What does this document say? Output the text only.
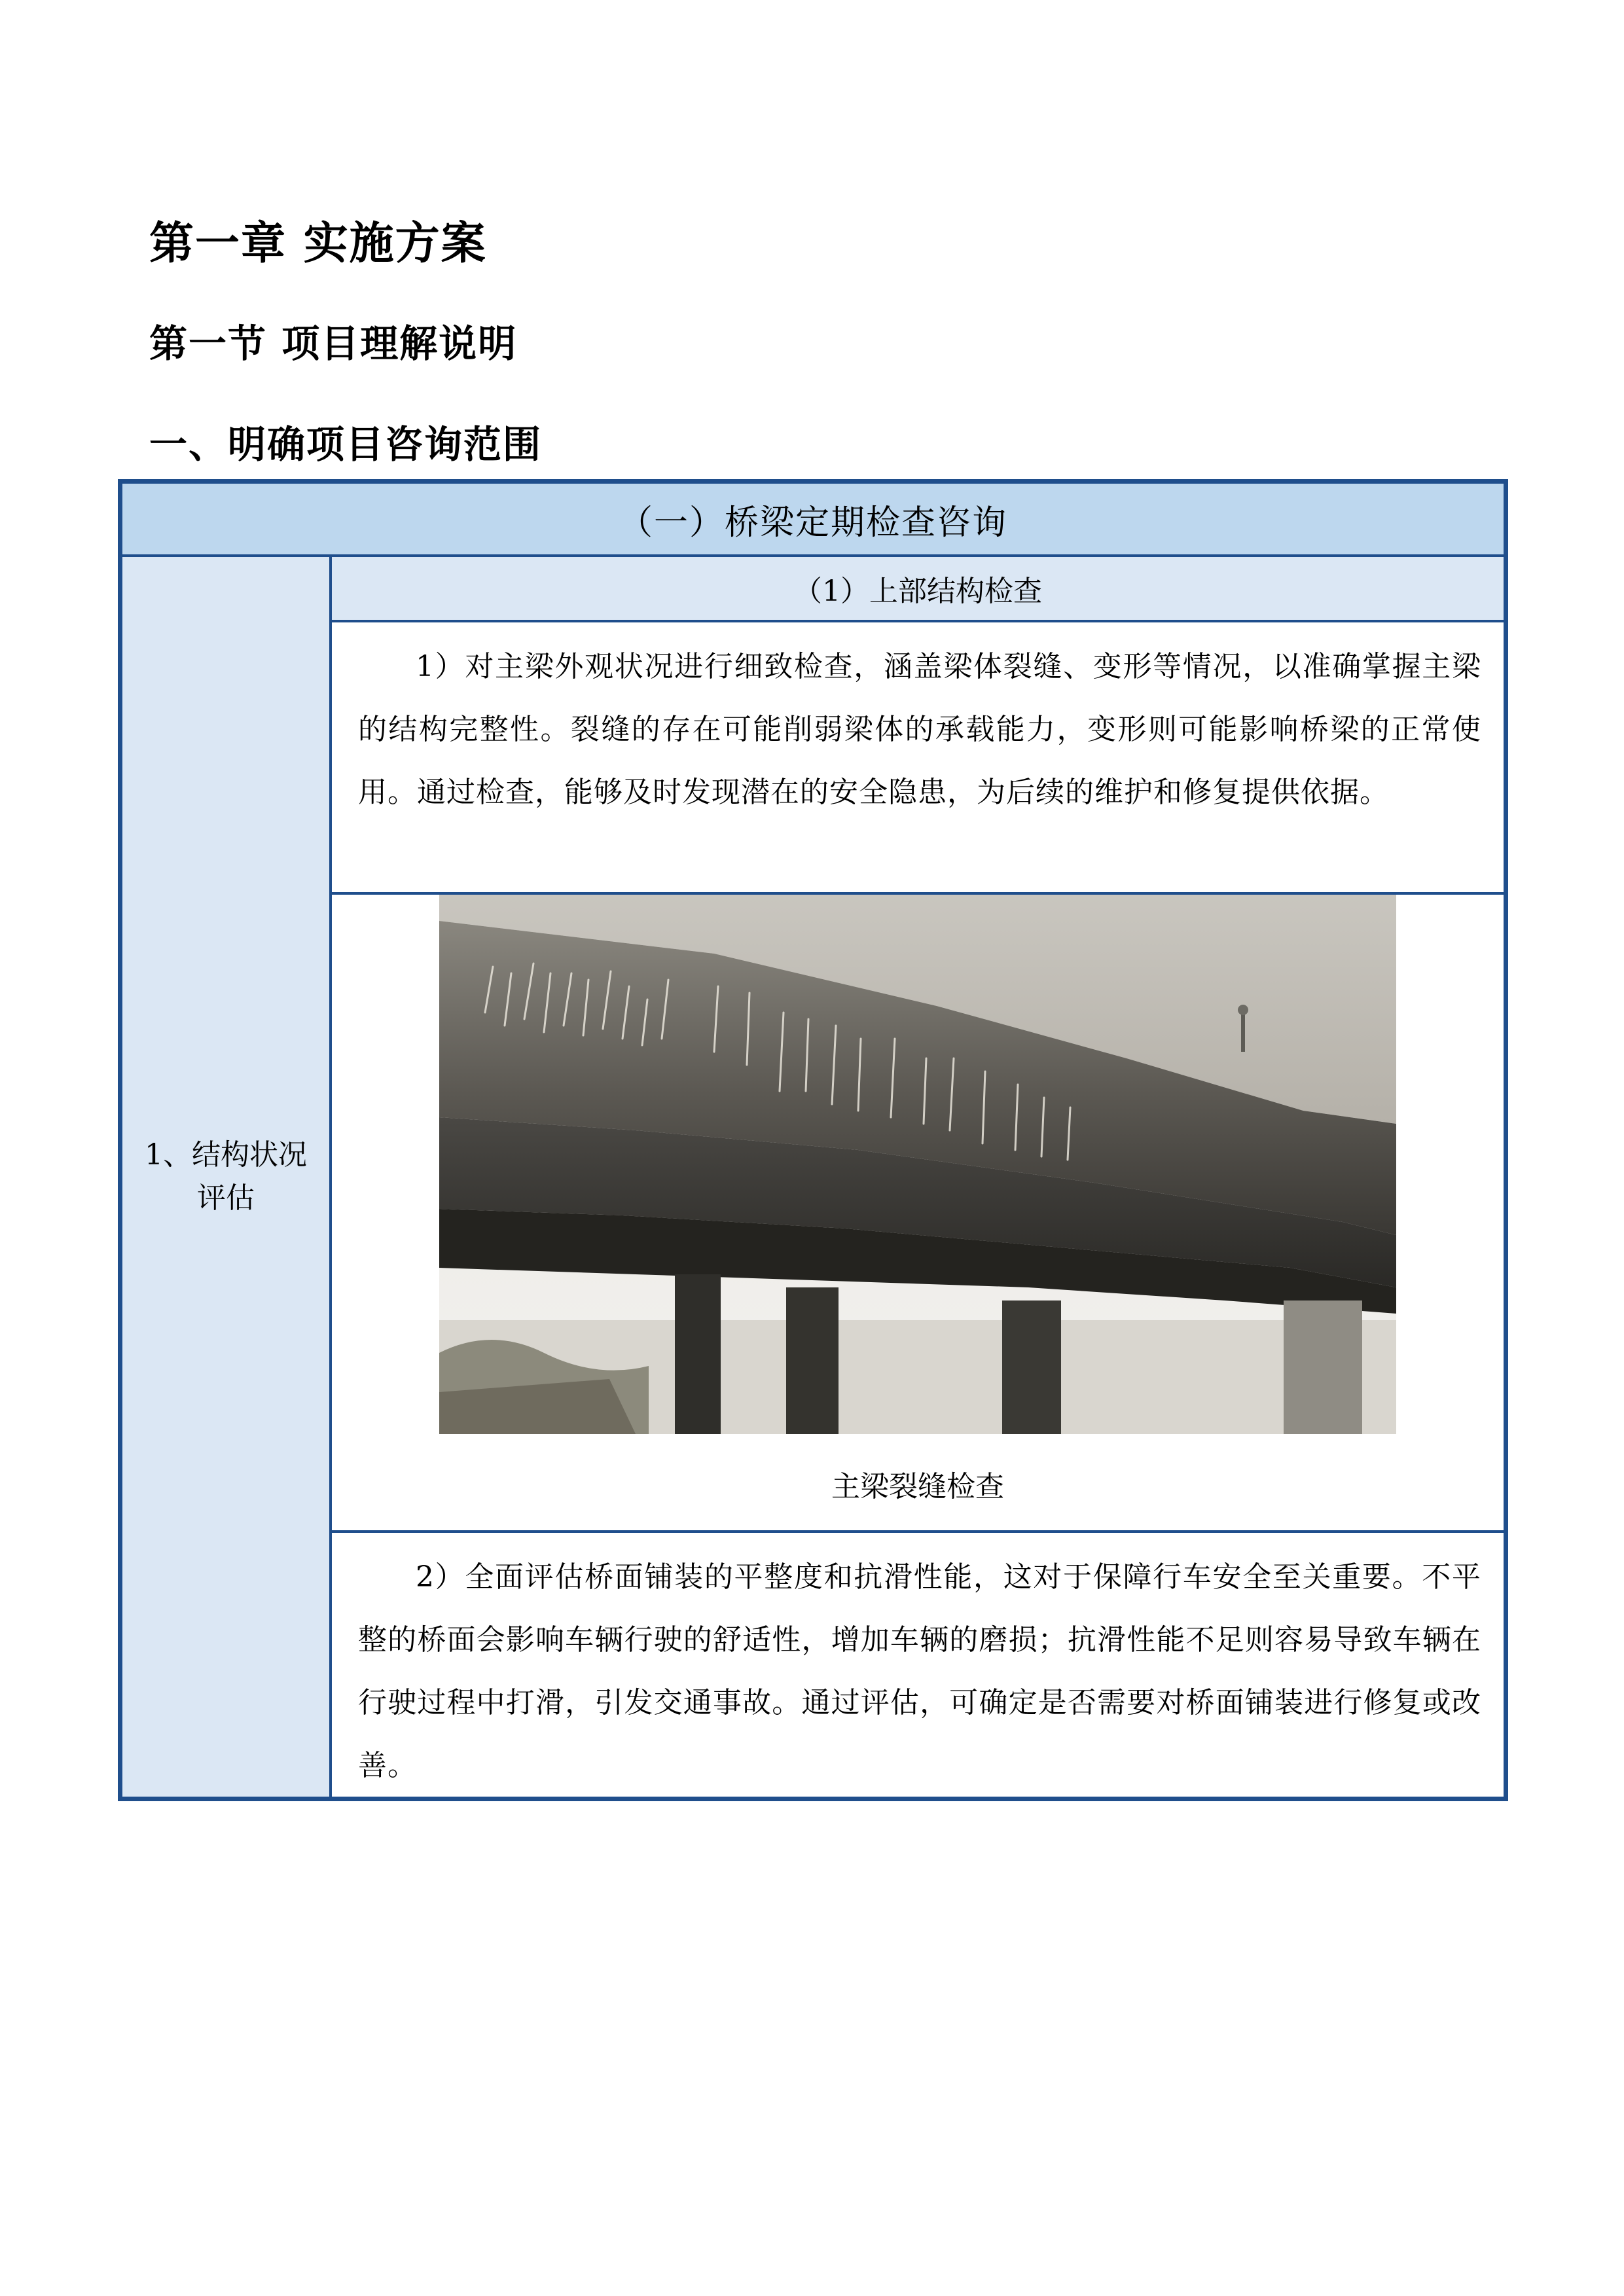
第一章 实施方案
第一节 项目理解说明
一、明确项目咨询范围
（一）桥梁定期检查咨询
1、结构状况评估
（1）上部结构检查

1）对主梁外观状况进行细致检查，涵盖梁体裂缝、变形等情况，以准确掌握主梁的结构完整性。裂缝的存在可能削弱梁体的承载能力，变形则可能影响桥梁的正常使用。通过检查，能够及时发现潜在的安全隐患，为后续的维护和修复提供依据。

主梁裂缝检查

2）全面评估桥面铺装的平整度和抗滑性能，这对于保障行车安全至关重要。不平整的桥面会影响车辆行驶的舒适性，增加车辆的磨损；抗滑性能不足则容易导致车辆在行驶过程中打滑，引发交通事故。通过评估，可确定是否需要对桥面铺装进行修复或改善。
